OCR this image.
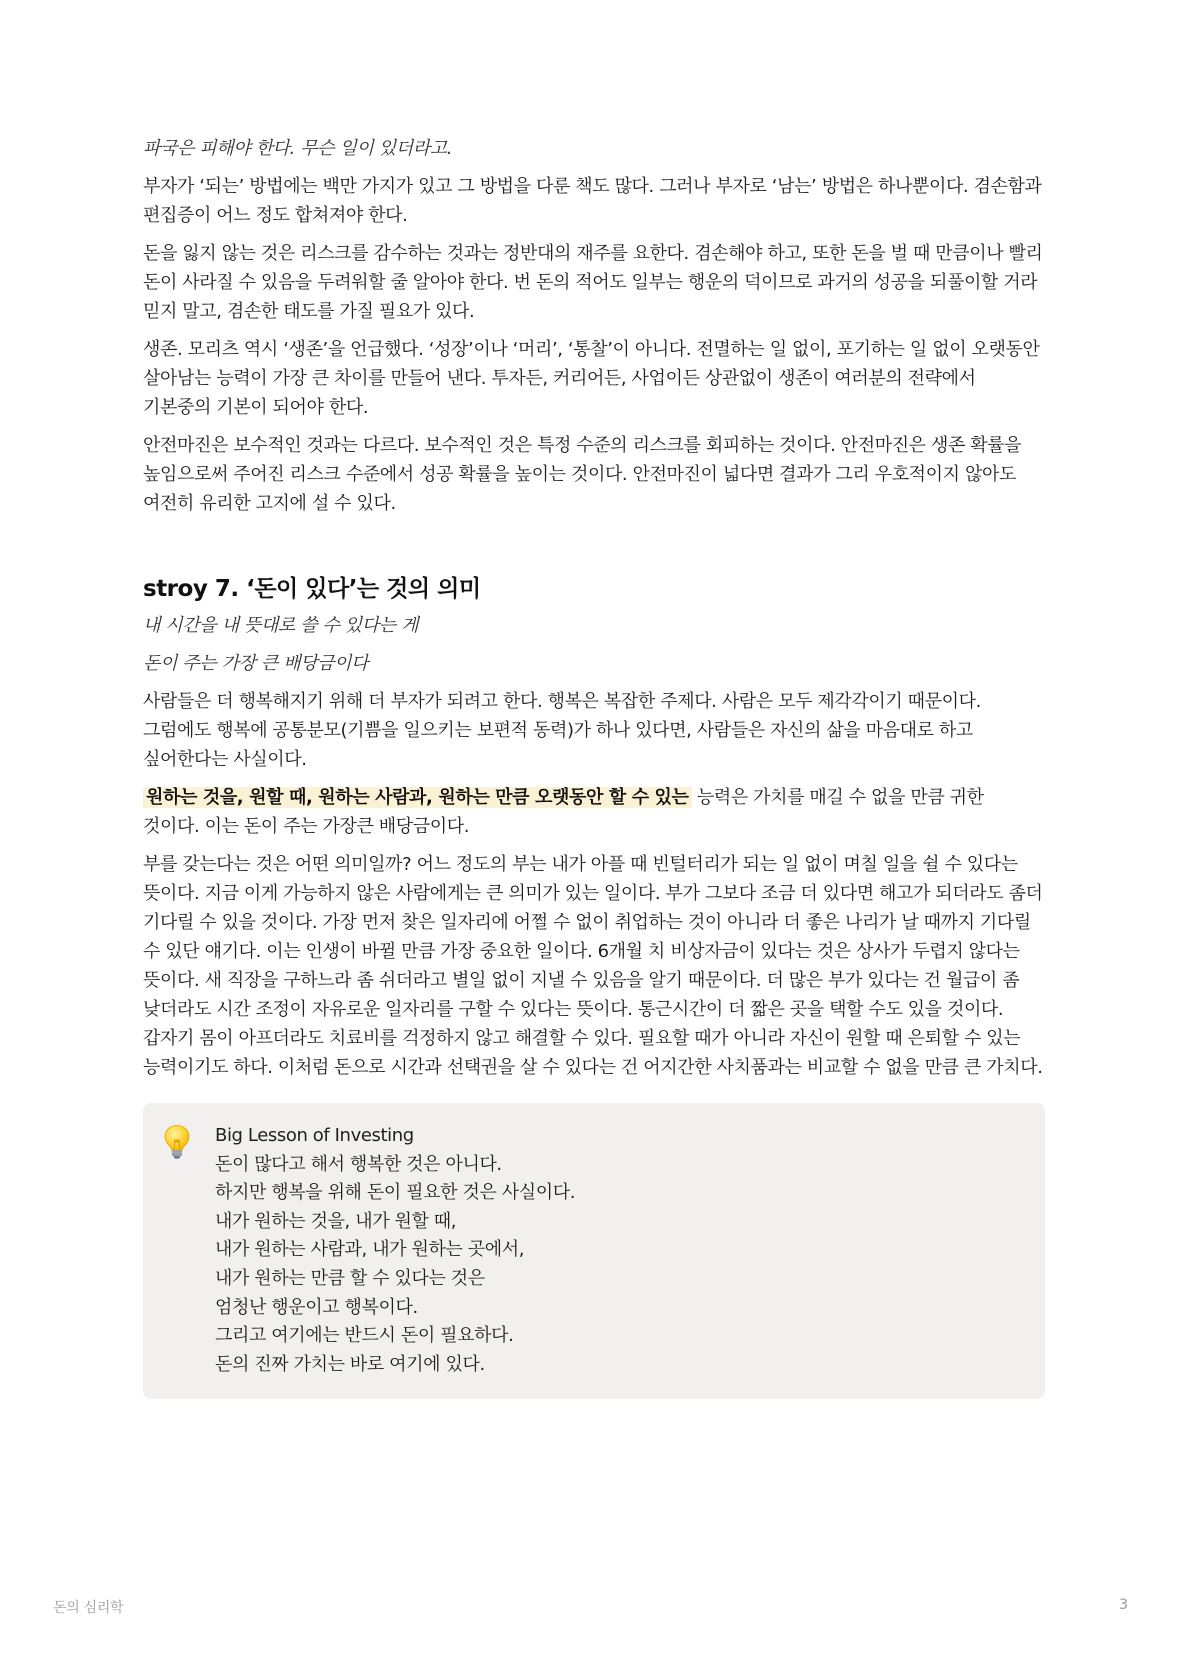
파국은 피해야 한다. 무슨 일이 있더라고.

부자가 ‘되는’ 방법에는 백만 가지가 있고 그 방법을 다룬 책도 많다. 그러나 부자로 ‘남는’ 방법은 하나뿐이다. 겸손함과 편집증이 어느 정도 합쳐져야 한다.

돈을 잃지 않는 것은 리스크를 감수하는 것과는 정반대의 재주를 요한다. 겸손해야 하고, 또한 돈을 벌 때 만큼이나 빨리 돈이 사라질 수 있음을 두려워할 줄 알아야 한다. 번 돈의 적어도 일부는 행운의 덕이므로 과거의 성공을 되풀이할 거라 믿지 말고, 겸손한 태도를 가질 필요가 있다.

생존. 모리츠 역시 ‘생존’을 언급했다. ‘성장’이나 ‘머리’, ‘통찰’이 아니다. 전멸하는 일 없이, 포기하는 일 없이 오랫동안 살아남는 능력이 가장 큰 차이를 만들어 낸다. 투자든, 커리어든, 사업이든 상관없이 생존이 여러분의 전략에서 기본중의 기본이 되어야 한다.

안전마진은 보수적인 것과는 다르다. 보수적인 것은 특정 수준의 리스크를 회피하는 것이다. 안전마진은 생존 확률을 높임으로써 주어진 리스크 수준에서 성공 확률을 높이는 것이다. 안전마진이 넓다면 결과가 그리 우호적이지 않아도 여전히 유리한 고지에 설 수 있다.

stroy 7. ‘돈이 있다’는 것의 의미

내 시간을 내 뜻대로 쓸 수 있다는 게

돈이 주는 가장 큰 배당금이다

사람들은 더 행복해지기 위해 더 부자가 되려고 한다. 행복은 복잡한 주제다. 사람은 모두 제각각이기 때문이다. 그럼에도 행복에 공통분모(기쁨을 일으키는 보편적 동력)가 하나 있다면, 사람들은 자신의 삶을 마음대로 하고 싶어한다는 사실이다.

원하는 것을, 원할 때, 원하는 사람과, 원하는 만큼 오랫동안 할 수 있는 능력은 가치를 매길 수 없을 만큼 귀한 것이다. 이는 돈이 주는 가장큰 배당금이다.

부를 갖는다는 것은 어떤 의미일까? 어느 정도의 부는 내가 아플 때 빈털터리가 되는 일 없이 며칠 일을 쉴 수 있다는 뜻이다. 지금 이게 가능하지 않은 사람에게는 큰 의미가 있는 일이다. 부가 그보다 조금 더 있다면 해고가 되더라도 좀더 기다릴 수 있을 것이다. 가장 먼저 찾은 일자리에 어쩔 수 없이 취업하는 것이 아니라 더 좋은 나리가 날 때까지 기다릴 수 있단 얘기다. 이는 인생이 바뀔 만큼 가장 중요한 일이다. 6개월 치 비상자금이 있다는 것은 상사가 두렵지 않다는 뜻이다. 새 직장을 구하느라 좀 쉬더라고 별일 없이 지낼 수 있음을 알기 때문이다. 더 많은 부가 있다는 건 월급이 좀 낮더라도 시간 조정이 자유로운 일자리를 구할 수 있다는 뜻이다. 통근시간이 더 짧은 곳을 택할 수도 있을 것이다. 갑자기 몸이 아프더라도 치료비를 걱정하지 않고 해결할 수 있다. 필요할 때가 아니라 자신이 원할 때 은퇴할 수 있는 능력이기도 하다. 이처럼 돈으로 시간과 선택권을 살 수 있다는 건 어지간한 사치품과는 비교할 수 없을 만큼 큰 가치다.

Big Lesson of Investing

돈이 많다고 해서 행복한 것은 아니다.

하지만 행복을 위해 돈이 필요한 것은 사실이다.

내가 원하는 것을, 내가 원할 때,

내가 원하는 사람과, 내가 원하는 곳에서,

내가 원하는 만큼 할 수 있다는 것은

엄청난 행운이고 행복이다.

그리고 여기에는 반드시 돈이 필요하다.

돈의 진짜 가치는 바로 여기에 있다.

돈의 심리학	3
